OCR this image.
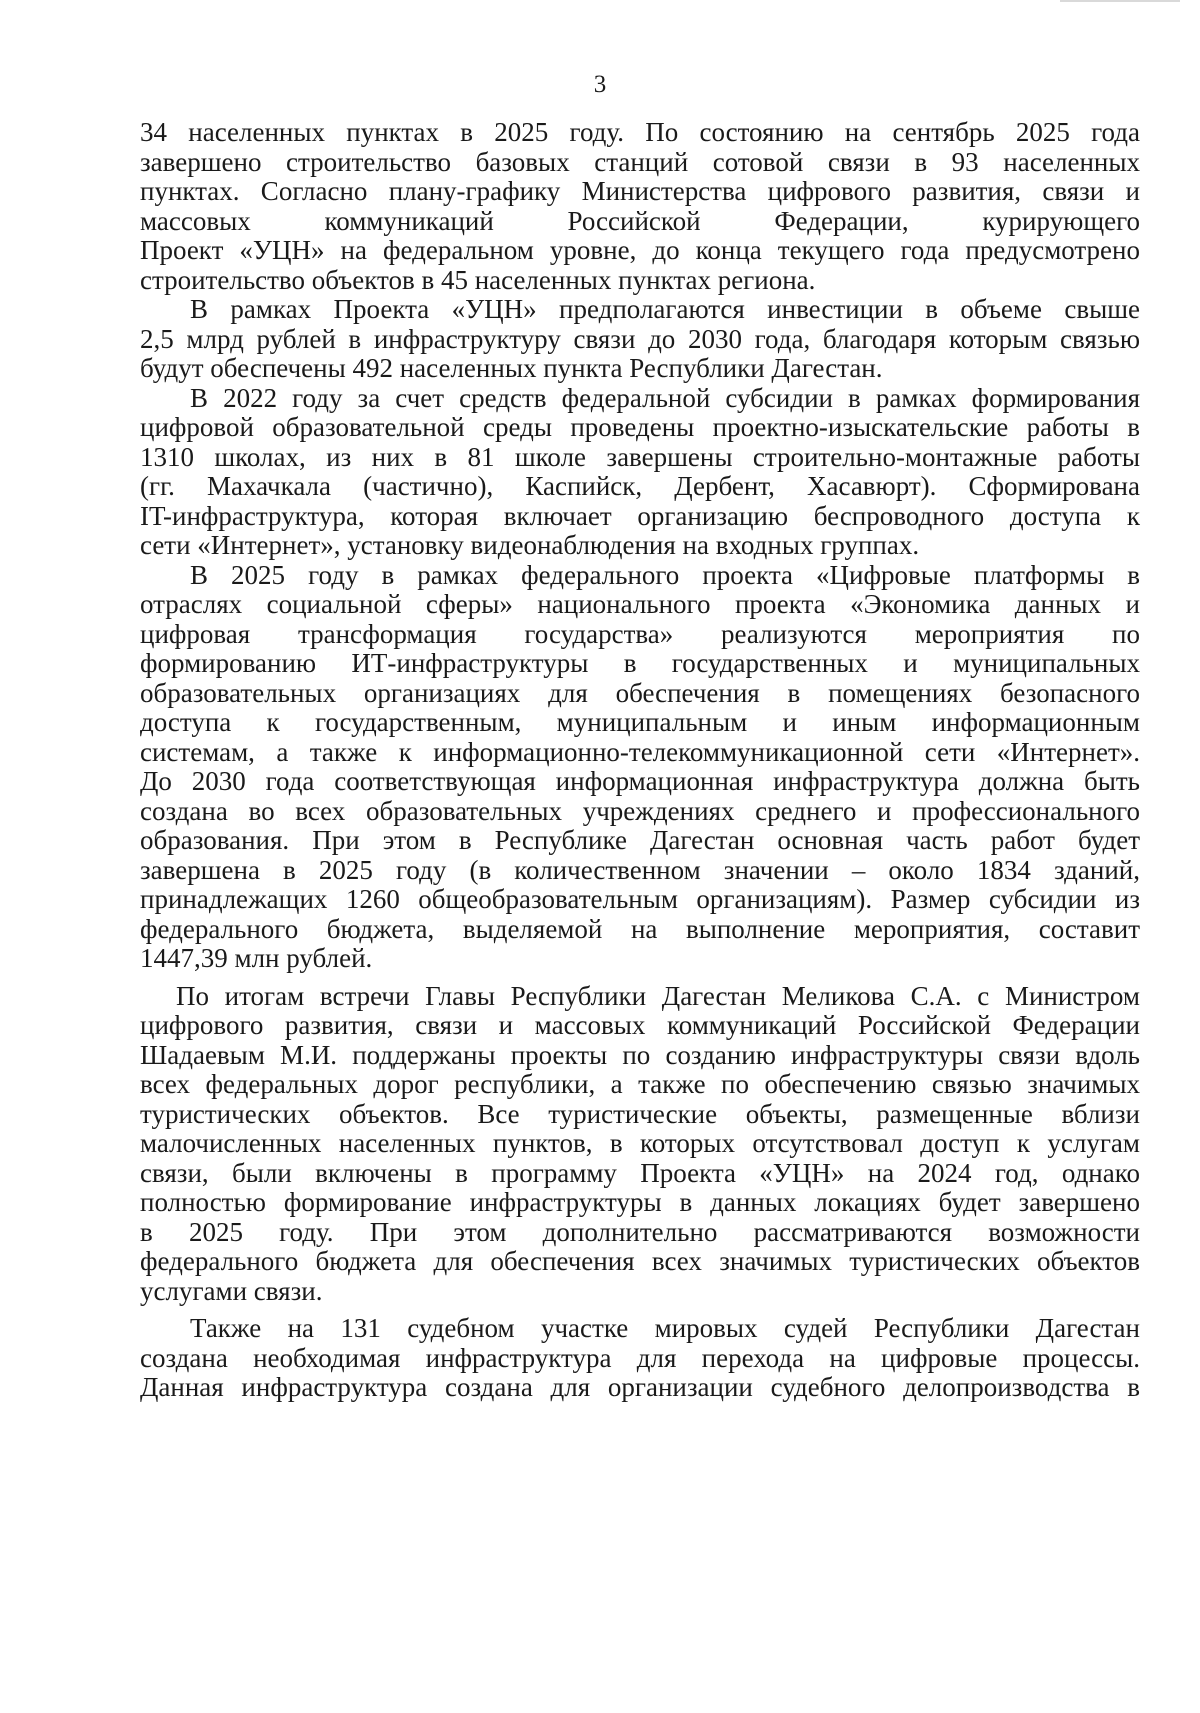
3
34 населенных пунктах в 2025 году. По состоянию на сентябрь 2025 года
завершено строительство базовых станций сотовой связи в 93 населенных
пунктах. Согласно плану-графику Министерства цифрового развития, связи и
массовых коммуникаций Российской Федерации, курирующего
Проект «УЦН» на федеральном уровне, до конца текущего года предусмотрено
строительство объектов в 45 населенных пунктах региона.
В рамках Проекта «УЦН» предполагаются инвестиции в объеме свыше
2,5 млрд рублей в инфраструктуру связи до 2030 года, благодаря которым связью
будут обеспечены 492 населенных пункта Республики Дагестан.
В 2022 году за счет средств федеральной субсидии в рамках формирования
цифровой образовательной среды проведены проектно-изыскательские работы в
1310 школах, из них в 81 школе завершены строительно-монтажные работы
(гг. Махачкала (частично), Каспийск, Дербент, Хасавюрт). Сформирована
IT-инфраструктура, которая включает организацию беспроводного доступа к
сети «Интернет», установку видеонаблюдения на входных группах.
В 2025 году в рамках федерального проекта «Цифровые платформы в
отраслях социальной сферы» национального проекта «Экономика данных и
цифровая трансформация государства» реализуются мероприятия по
формированию ИТ-инфраструктуры в государственных и муниципальных
образовательных организациях для обеспечения в помещениях безопасного
доступа к государственным, муниципальным и иным информационным
системам, а также к информационно-телекоммуникационной сети «Интернет».
До 2030 года соответствующая информационная инфраструктура должна быть
создана во всех образовательных учреждениях среднего и профессионального
образования. При этом в Республике Дагестан основная часть работ будет
завершена в 2025 году (в количественном значении – около 1834 зданий,
принадлежащих 1260 общеобразовательным организациям). Размер субсидии из
федерального бюджета, выделяемой на выполнение мероприятия, составит
1447,39 млн рублей.
По итогам встречи Главы Республики Дагестан Меликова С.А. с Министром
цифрового развития, связи и массовых коммуникаций Российской Федерации
Шадаевым М.И. поддержаны проекты по созданию инфраструктуры связи вдоль
всех федеральных дорог республики, а также по обеспечению связью значимых
туристических объектов. Все туристические объекты, размещенные вблизи
малочисленных населенных пунктов, в которых отсутствовал доступ к услугам
связи, были включены в программу Проекта «УЦН» на 2024 год, однако
полностью формирование инфраструктуры в данных локациях будет завершено
в 2025 году. При этом дополнительно рассматриваются возможности
федерального бюджета для обеспечения всех значимых туристических объектов
услугами связи.
Также на 131 судебном участке мировых судей Республики Дагестан
создана необходимая инфраструктура для перехода на цифровые процессы.
Данная инфраструктура создана для организации судебного делопроизводства в
